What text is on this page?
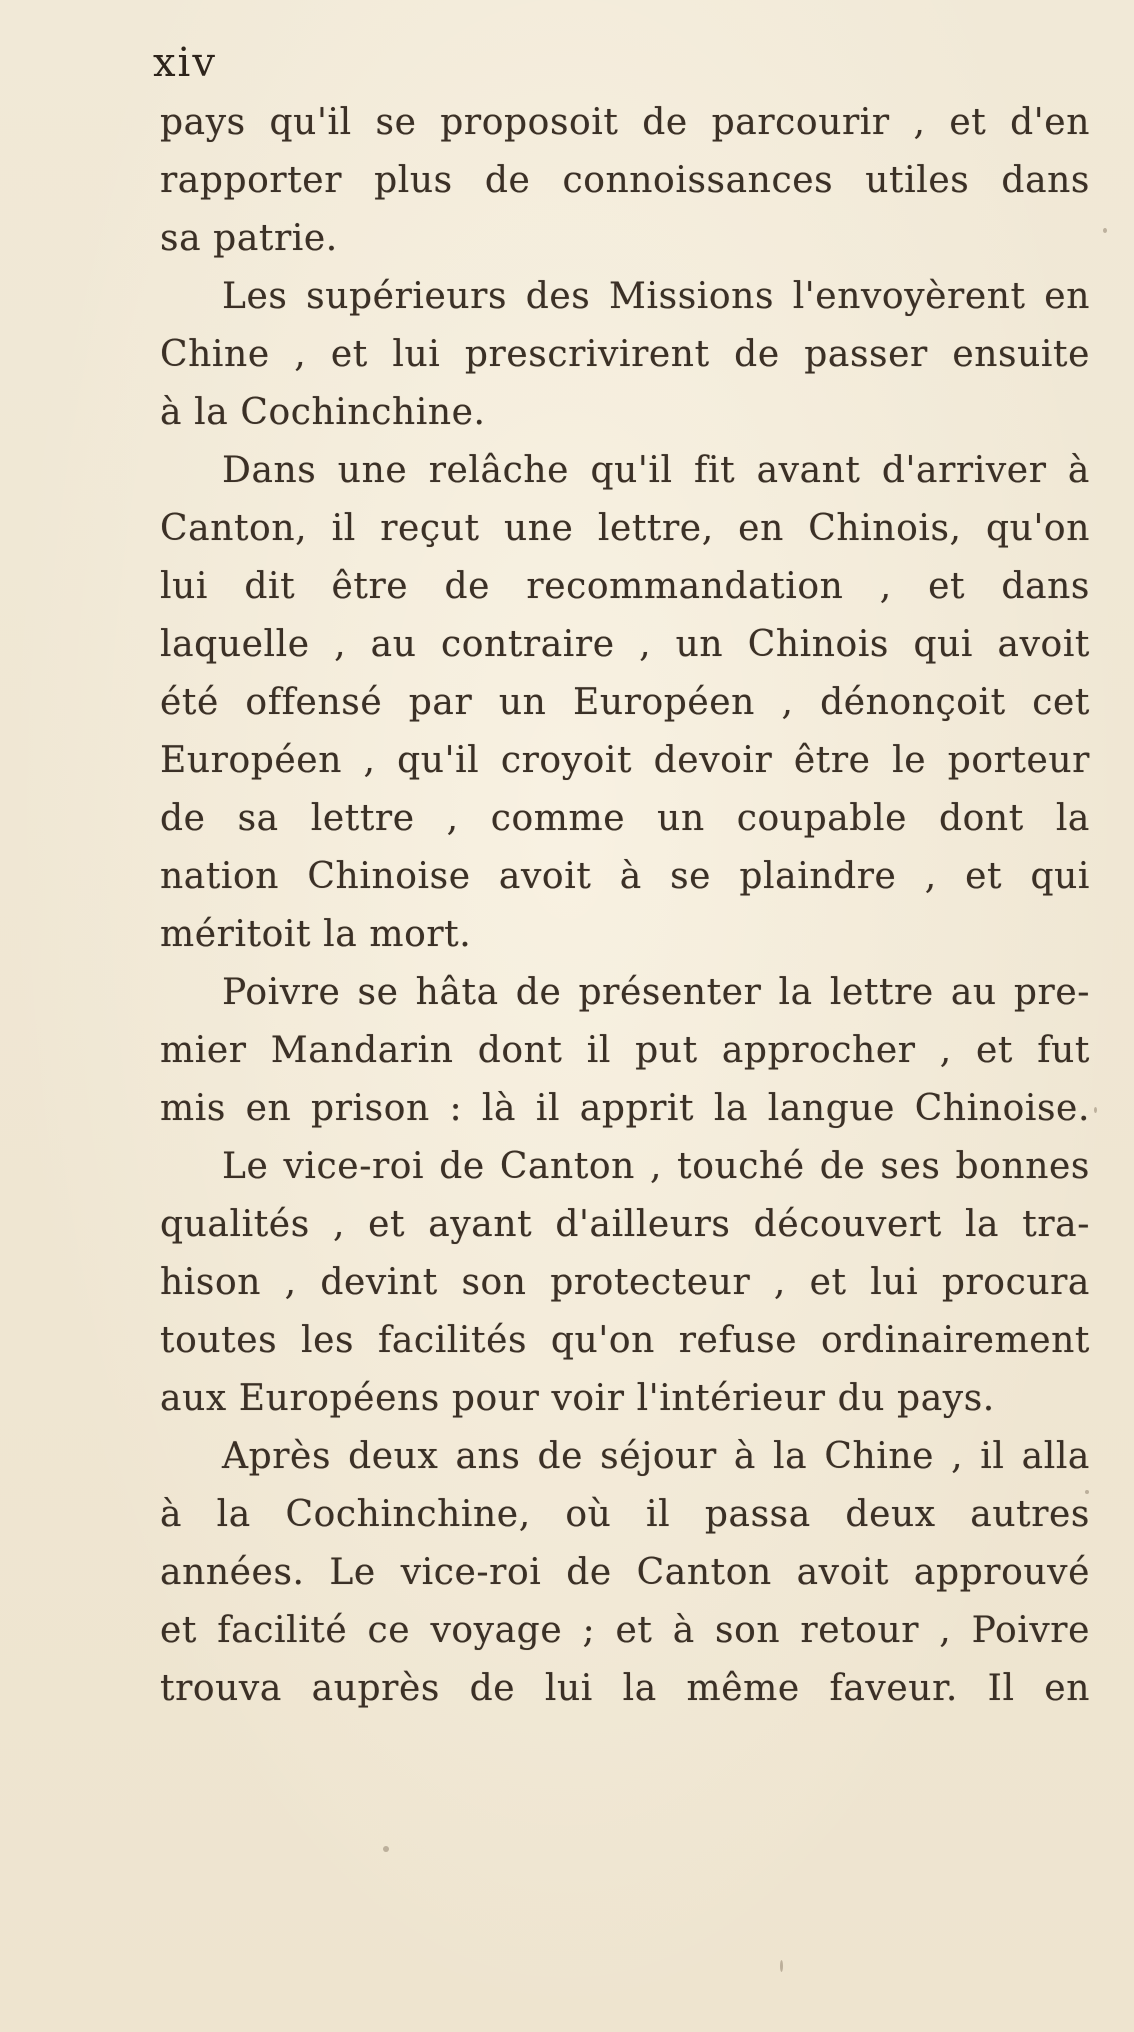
xiv
pays qu'il se proposoit de parcourir , et d'en
rapporter plus de connoissances utiles dans
sa patrie.
Les supérieurs des Missions l'envoyèrent en
Chine , et lui prescrivirent de passer ensuite
à la Cochinchine.
Dans une relâche qu'il fit avant d'arriver à
Canton, il reçut une lettre, en Chinois, qu'on
lui dit être de recommandation , et dans
laquelle , au contraire , un Chinois qui avoit
été offensé par un Européen , dénonçoit cet
Européen , qu'il croyoit devoir être le porteur
de sa lettre , comme un coupable dont la
nation Chinoise avoit à se plaindre , et qui
méritoit la mort.
Poivre se hâta de présenter la lettre au pre-
mier Mandarin dont il put approcher , et fut
mis en prison : là il apprit la langue Chinoise.
Le vice-roi de Canton , touché de ses bonnes
qualités , et ayant d'ailleurs découvert la tra-
hison , devint son protecteur , et lui procura
toutes les facilités qu'on refuse ordinairement
aux Européens pour voir l'intérieur du pays.
Après deux ans de séjour à la Chine , il alla
à la Cochinchine, où il passa deux autres
années. Le vice-roi de Canton avoit approuvé
et facilité ce voyage ; et à son retour , Poivre
trouva auprès de lui la même faveur. Il en
